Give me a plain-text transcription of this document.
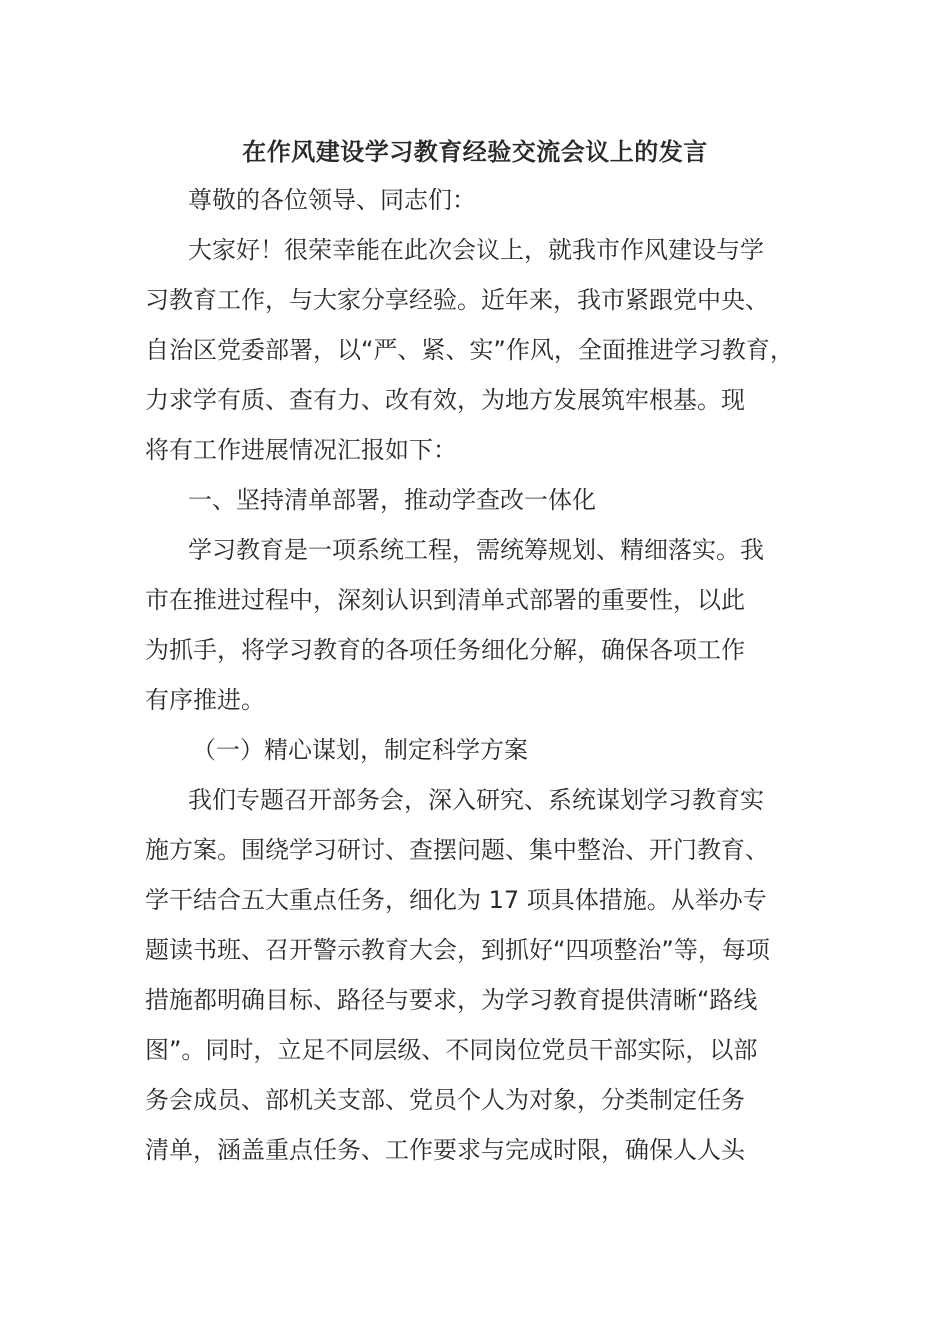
在作风建设学习教育经验交流会议上的发言

尊敬的各位领导、同志们：

大家好！很荣幸能在此次会议上，就我市作风建设与学

习教育工作，与大家分享经验。近年来，我市紧跟党中央、

自治区党委部署，以“严、紧、实”作风，全面推进学习教育，

力求学有质、查有力、改有效，为地方发展筑牢根基。现

将有工作进展情况汇报如下：

一、坚持清单部署，推动学查改一体化

学习教育是一项系统工程，需统筹规划、精细落实。我

市在推进过程中，深刻认识到清单式部署的重要性，以此

为抓手，将学习教育的各项任务细化分解，确保各项工作

有序推进。

（一）精心谋划，制定科学方案

我们专题召开部务会，深入研究、系统谋划学习教育实

施方案。围绕学习研讨、查摆问题、集中整治、开门教育、

学干结合五大重点任务，细化为 17 项具体措施。从举办专

题读书班、召开警示教育大会，到抓好“四项整治”等，每项

措施都明确目标、路径与要求，为学习教育提供清晰“路线

图”。同时，立足不同层级、不同岗位党员干部实际，以部

务会成员、部机关支部、党员个人为对象，分类制定任务

清单，涵盖重点任务、工作要求与完成时限，确保人人头
